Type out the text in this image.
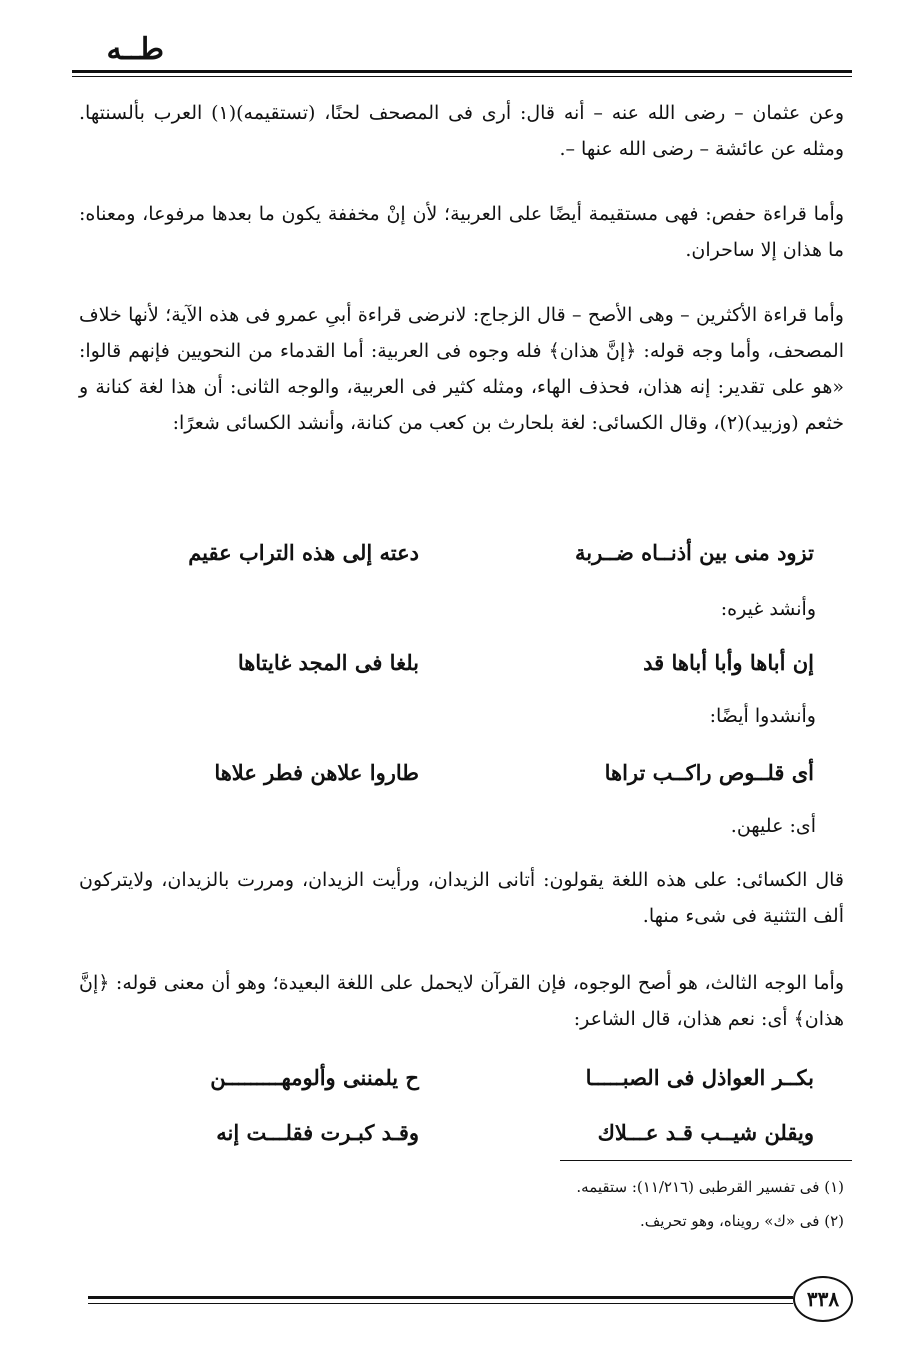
طــه
وعن عثمان – رضى الله عنه – أنه قال: أرى فى المصحف لحنًا، (تستقيمه)(١) العرب بألسنتها. ومثله عن عائشة – رضى الله عنها –.
وأما قراءة حفص: فهى مستقيمة أيضًا على العربية؛ لأن إنْ مخففة يكون ما بعدها مرفوعا، ومعناه: ما هذان إلا ساحران.
وأما قراءة الأكثرين – وهى الأصح – قال الزجاج: لانرضى قراءة أبىِ عمرو فى هذه الآية؛ لأنها خلاف المصحف، وأما وجه قوله: ﴿إنَّ هذان﴾ فله وجوه فى العربية: أما القدماء من النحويين فإنهم قالوا: «هو على تقدير: إنه هذان، فحذف الهاء، ومثله كثير فى العربية، والوجه الثانى: أن هذا لغة كنانة و خثعم (وزبيد)(٢)، وقال الكسائى: لغة بلحارث بن كعب من كنانة، وأنشد الكسائى شعرًا:
تزود منى بين أذنــاه ضــربة
دعته إلى هذه التراب عقيم
وأنشد غيره:
إن أباها وأبا أباها قد
بلغا فى المجد غايتاها
وأنشدوا أيضًا:
أى قلــوص راكــب تراها
طاروا علاهن فطر علاها
أى: عليهن.
قال الكسائى: على هذه اللغة يقولون: أتانى الزيدان، ورأيت الزيدان، ومررت بالزيدان، ولايتركون ألف التثنية فى شىء منها.
وأما الوجه الثالث، هو أصح الوجوه، فإن القرآن لايحمل على اللغة البعيدة؛ وهو أن معنى قوله: ﴿إنَّ هذان﴾ أى: نعم هذان، قال الشاعر:
بكــر العواذل فى الصبـــــا
ح يلمننى وألومهـــــــــن
ويقلن شيــب قـد عـــلاك
وقـد كبـرت فقلـــت إنه
(١) فى تفسير القرطبى (١١/٢١٦): ستقيمه.
(٢) فى «ك» رويناه، وهو تحريف.
٣٣٨
